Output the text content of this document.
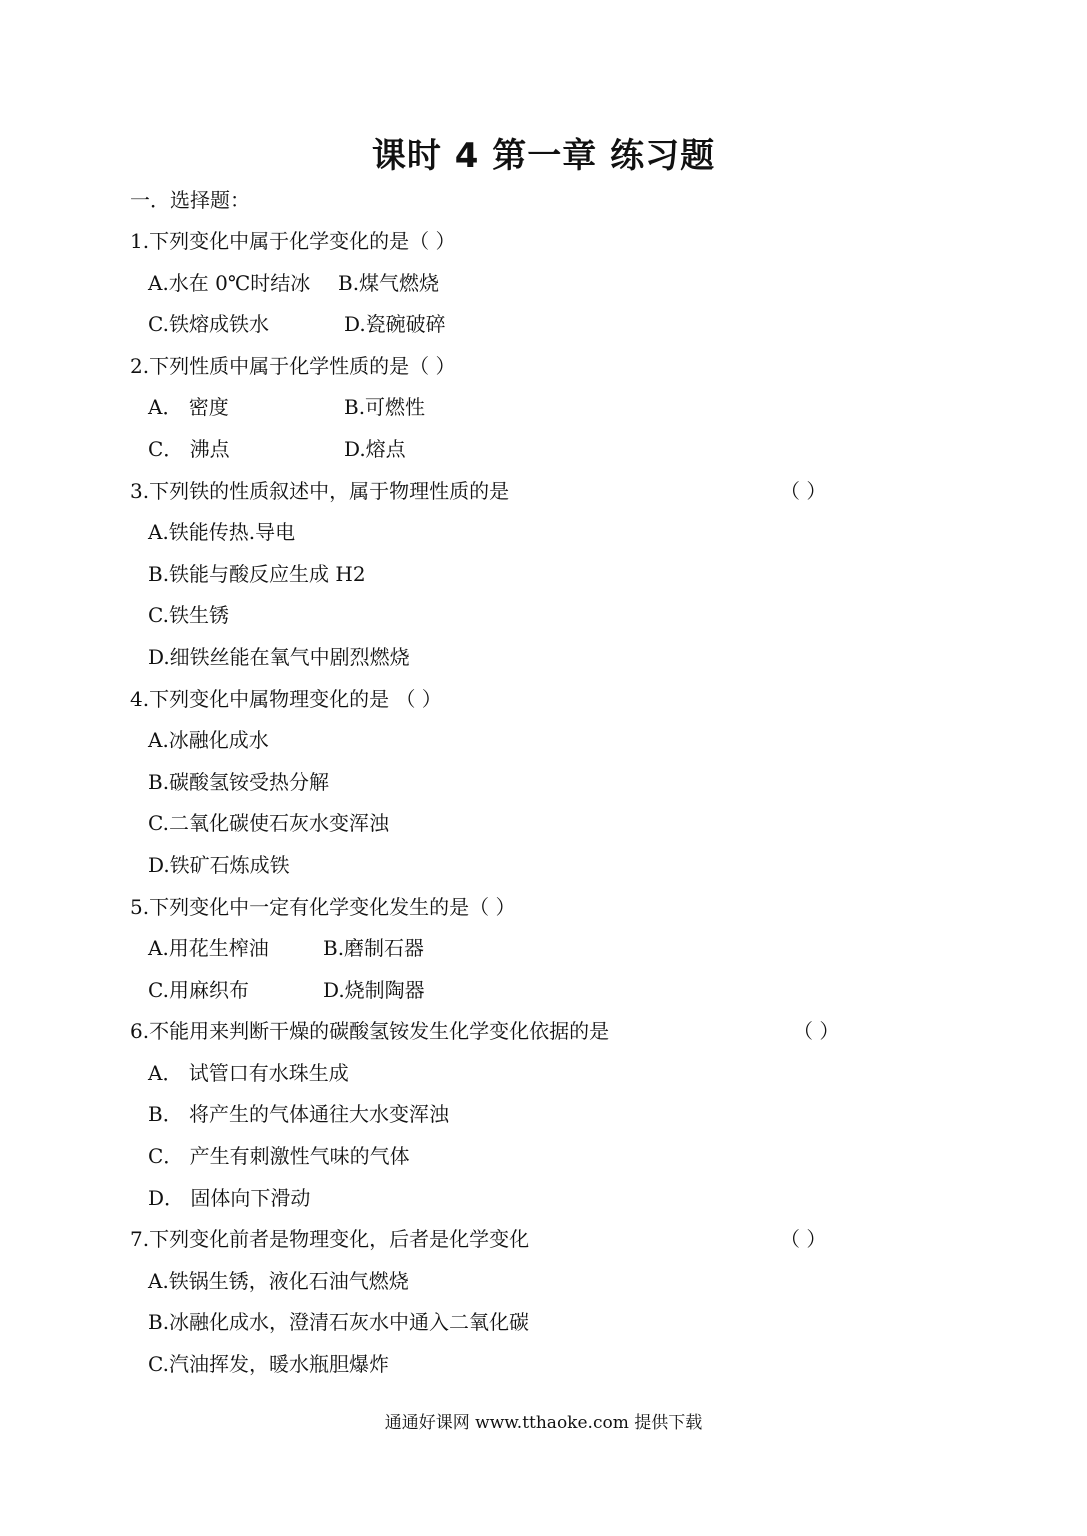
课时 4 第一章 练习题
一．选择题：
1.下列变化中属于化学变化的是（ ）
A.水在 0℃时结冰	B.煤气燃烧
C.铁熔成铁水	D.瓷碗破碎
2.下列性质中属于化学性质的是（ ）
A． 密度	B.可燃性
C． 沸点	D.熔点
3.下列铁的性质叙述中，属于物理性质的是	（ ）
A.铁能传热.导电
B.铁能与酸反应生成 H2
C.铁生锈
D.细铁丝能在氧气中剧烈燃烧
4.下列变化中属物理变化的是 （ ）
A.冰融化成水
B.碳酸氢铵受热分解
C.二氧化碳使石灰水变浑浊
D.铁矿石炼成铁
5.下列变化中一定有化学变化发生的是（ ）
A.用花生榨油	B.磨制石器
C.用麻织布	D.烧制陶器
6.不能用来判断干燥的碳酸氢铵发生化学变化依据的是	（ ）
A． 试管口有水珠生成
B． 将产生的气体通往大水变浑浊
C． 产生有刺激性气味的气体
D． 固体向下滑动
7.下列变化前者是物理变化，后者是化学变化	（ ）
A.铁锅生锈，液化石油气燃烧
B.冰融化成水，澄清石灰水中通入二氧化碳
C.汽油挥发，暖水瓶胆爆炸
通通好课网 www.tthaoke.com 提供下载
